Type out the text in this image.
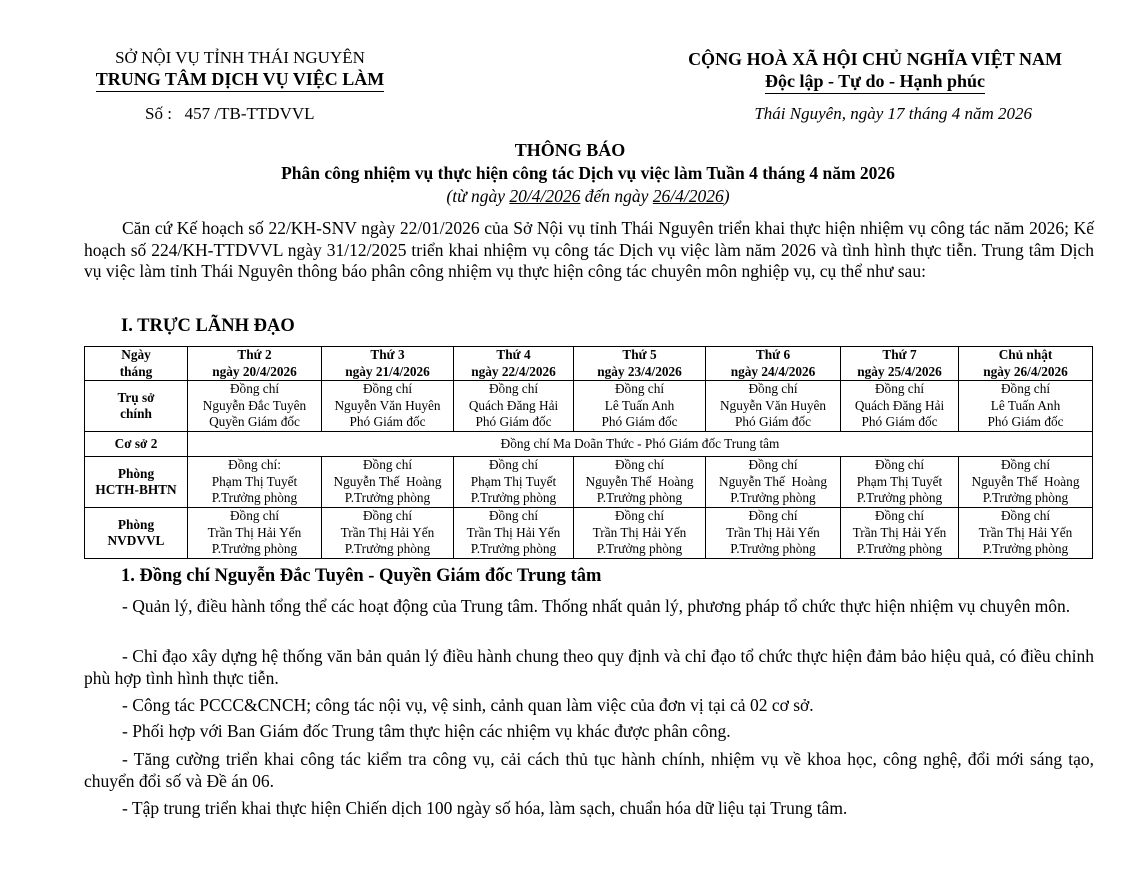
SỞ NỘI VỤ TỈNH THÁI NGUYÊN
TRUNG TÂM DỊCH VỤ VIỆC LÀM
CỘNG HOÀ XÃ HỘI CHỦ NGHĨA VIỆT NAM
Độc lập - Tự do - Hạnh phúc
Số :   457 /TB-TTDVVL	Thái Nguyên, ngày 17 tháng 4 năm 2026
THÔNG BÁO
Phân công nhiệm vụ thực hiện công tác Dịch vụ việc làm Tuần 4 tháng 4 năm 2026
(từ ngày 20/4/2026 đến ngày 26/4/2026)
Căn cứ Kế hoạch số 22/KH-SNV ngày 22/01/2026 của Sở Nội vụ tỉnh Thái Nguyên triển khai thực hiện nhiệm vụ công tác năm 2026; Kế hoạch số 224/KH-TTDVVL ngày 31/12/2025 triển khai nhiệm vụ công tác Dịch vụ việc làm năm 2026 và tình hình thực tiễn. Trung tâm Dịch vụ việc làm tỉnh Thái Nguyên thông báo phân công nhiệm vụ thực hiện công tác chuyên môn nghiệp vụ, cụ thể như sau:
I. TRỰC LÃNH ĐẠO
Ngày
tháng	Thứ 2
ngày 20/4/2026	Thứ 3
ngày 21/4/2026	Thứ 4
ngày 22/4/2026	Thứ 5
ngày 23/4/2026	Thứ 6
ngày 24/4/2026	Thứ 7
ngày 25/4/2026	Chủ nhật
ngày 26/4/2026
Trụ sở
chính	Đồng chí
Nguyễn Đắc Tuyên
Quyền Giám đốc	Đồng chí
Nguyễn Văn Huyên
Phó Giám đốc	Đồng chí
Quách Đăng Hải
Phó Giám đốc	Đồng chí
Lê Tuấn Anh
Phó Giám đốc	Đồng chí
Nguyễn Văn Huyên
Phó Giám đốc	Đồng chí
Quách Đăng Hải
Phó Giám đốc	Đồng chí
Lê Tuấn Anh
Phó Giám đốc
Cơ sở 2	Đồng chí Ma Doãn Thức - Phó Giám đốc Trung tâm						
Phòng
HCTH-BHTN	Đồng chí:
Phạm Thị Tuyết
P.Trưởng phòng	Đồng chí
Nguyễn Thế  Hoàng
P.Trưởng phòng	Đồng chí
Phạm Thị Tuyết
P.Trưởng phòng	Đồng chí
Nguyễn Thế  Hoàng
P.Trưởng phòng	Đồng chí
Nguyễn Thế  Hoàng
P.Trưởng phòng	Đồng chí
Phạm Thị Tuyết
P.Trưởng phòng	Đồng chí
Nguyễn Thế  Hoàng
P.Trưởng phòng
Phòng
NVDVVL	Đồng chí
Trần Thị Hải Yến
P.Trưởng phòng	Đồng chí
Trần Thị Hải Yến
P.Trưởng phòng	Đồng chí
Trần Thị Hải Yến
P.Trưởng phòng	Đồng chí
Trần Thị Hải Yến
P.Trưởng phòng	Đồng chí
Trần Thị Hải Yến
P.Trưởng phòng	Đồng chí
Trần Thị Hải Yến
P.Trưởng phòng	Đồng chí
Trần Thị Hải Yến
P.Trưởng phòng
1. Đồng chí Nguyễn Đắc Tuyên - Quyền Giám đốc Trung tâm
- Quản lý, điều hành tổng thể các hoạt động của Trung tâm. Thống nhất quản lý, phương pháp tổ chức thực hiện nhiệm vụ chuyên môn.
- Chỉ đạo xây dựng hệ thống văn bản quản lý điều hành chung theo quy định và chỉ đạo tổ chức thực hiện đảm bảo hiệu quả, có điều chỉnh phù hợp tình hình thực tiễn.
- Công tác PCCC&CNCH; công tác nội vụ, vệ sinh, cảnh quan làm việc của đơn vị tại cả 02 cơ sở.
- Phối hợp với Ban Giám đốc Trung tâm thực hiện các nhiệm vụ khác được phân công.
- Tăng cường triển khai công tác kiểm tra công vụ, cải cách thủ tục hành chính, nhiệm vụ về khoa học, công nghệ, đổi mới sáng tạo, chuyển đổi số và Đề án 06.
- Tập trung triển khai thực hiện Chiến dịch 100 ngày số hóa, làm sạch, chuẩn hóa dữ liệu tại Trung tâm.
